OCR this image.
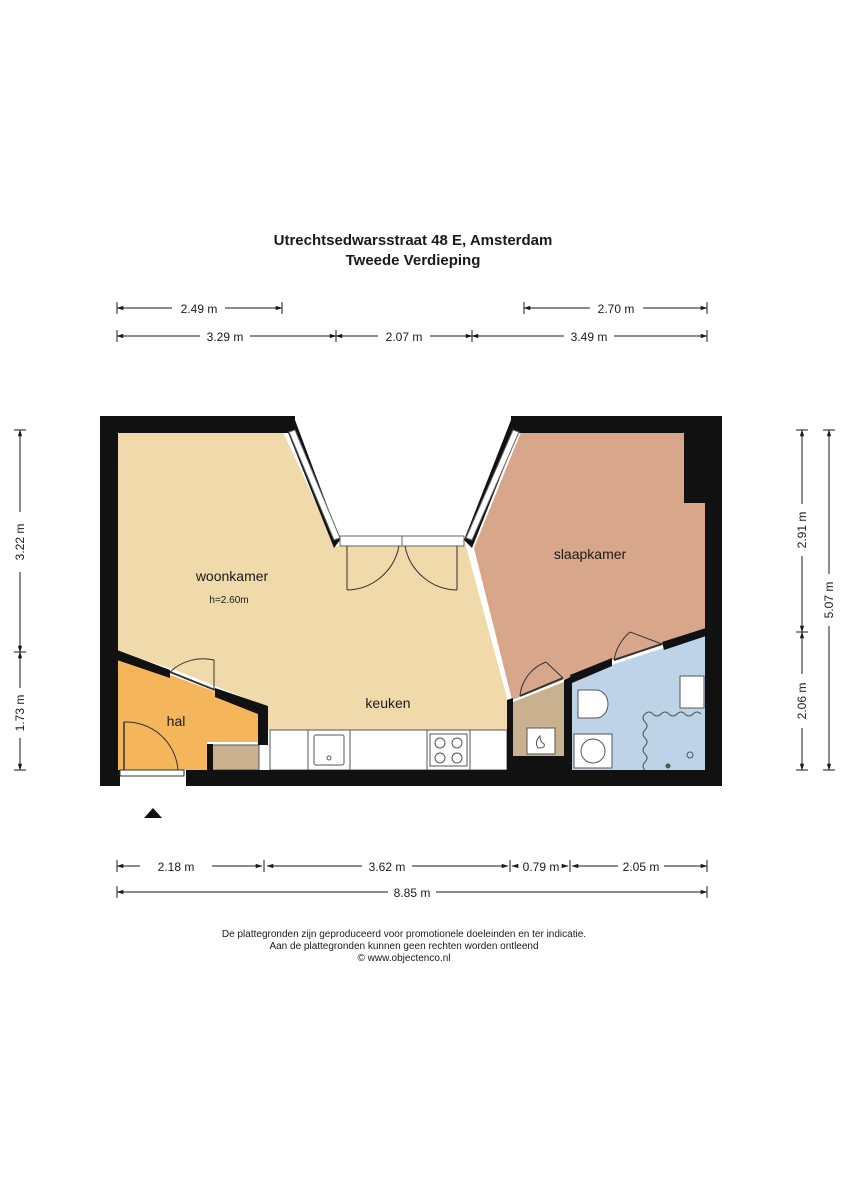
Utrechtsedwarsstraat 48 E, Amsterdam
Tweede Verdieping
woonkamer
h=2.60m
keuken
slaapkamer
hal
2.49 m	2.70 m
3.29 m	2.07 m	3.49 m
3.22 m
1.73 m
2.91 m
2.06 m
5.07 m
2.18 m	3.62 m	0.79 m	2.05 m
8.85 m
De plattegronden zijn geproduceerd voor promotionele doeleinden en ter indicatie.
Aan de plattegronden kunnen geen rechten worden ontleend
© www.objectenco.nl
